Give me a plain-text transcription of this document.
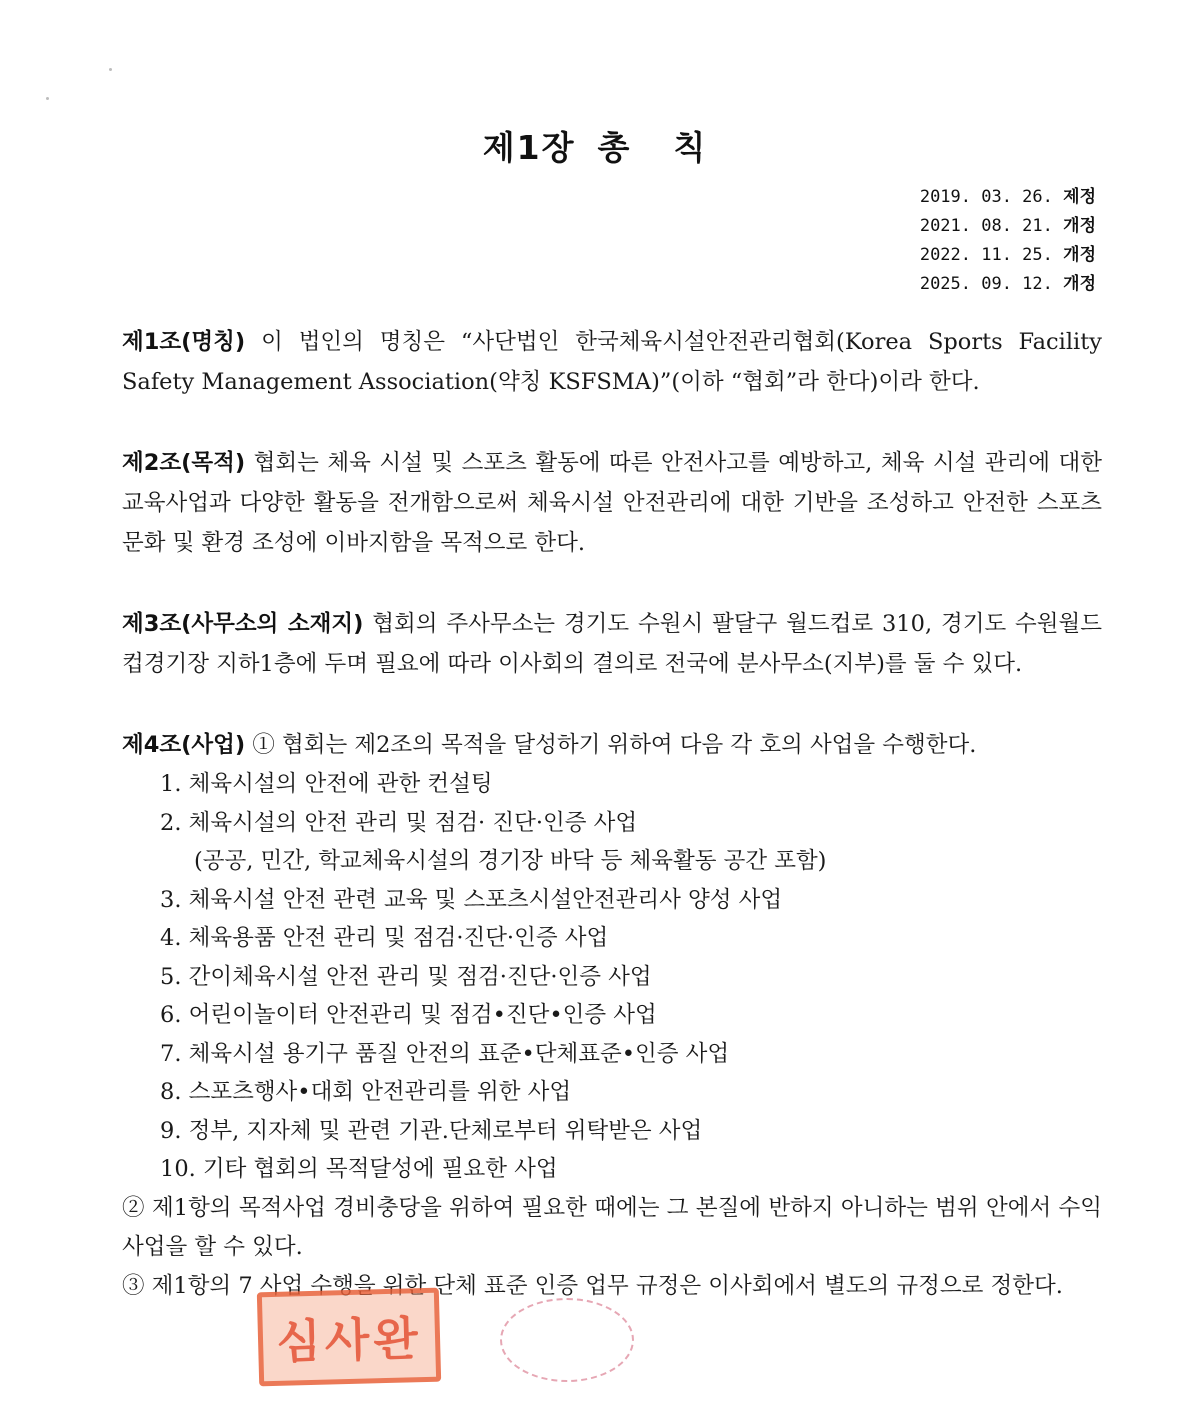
제1장 총 칙
2019. 03. 26. 제정
2021. 08. 21. 개정
2022. 11. 25. 개정
2025. 09. 12. 개정

제1조(명칭) 이 법인의 명칭은 “사단법인 한국체육시설안전관리협회(Korea Sports Facility Safety Management Association(약칭 KSFSMA)”(이하 “협회”라 한다)이라 한다.

제2조(목적) 협회는 체육 시설 및 스포츠 활동에 따른 안전사고를 예방하고, 체육 시설 관리에 대한 교육사업과 다양한 활동을 전개함으로써 체육시설 안전관리에 대한 기반을 조성하고 안전한 스포츠 문화 및 환경 조성에 이바지함을 목적으로 한다.

제3조(사무소의 소재지) 협회의 주사무소는 경기도 수원시 팔달구 월드컵로 310, 경기도 수원월드컵경기장 지하1층에 두며 필요에 따라 이사회의 결의로 전국에 분사무소(지부)를 둘 수 있다.

제4조(사업) ① 협회는 제2조의 목적을 달성하기 위하여 다음 각 호의 사업을 수행한다.
1. 체육시설의 안전에 관한 컨설팅
2. 체육시설의 안전 관리 및 점검· 진단·인증 사업
(공공, 민간, 학교체육시설의 경기장 바닥 등 체육활동 공간 포함)
3. 체육시설 안전 관련 교육 및 스포츠시설안전관리사 양성 사업
4. 체육용품 안전 관리 및 점검·진단·인증 사업
5. 간이체육시설 안전 관리 및 점검·진단·인증 사업
6. 어린이놀이터 안전관리 및 점검•진단•인증 사업
7. 체육시설 용기구 품질 안전의 표준•단체표준•인증 사업
8. 스포츠행사•대회 안전관리를 위한 사업
9. 정부, 지자체 및 관련 기관.단체로부터 위탁받은 사업
10. 기타 협회의 목적달성에 필요한 사업
② 제1항의 목적사업 경비충당을 위하여 필요한 때에는 그 본질에 반하지 아니하는 범위 안에서 수익사업을 할 수 있다.
③ 제1항의 7 사업 수행을 위한 단체 표준 인증 업무 규정은 이사회에서 별도의 규정으로 정한다.
심사완
